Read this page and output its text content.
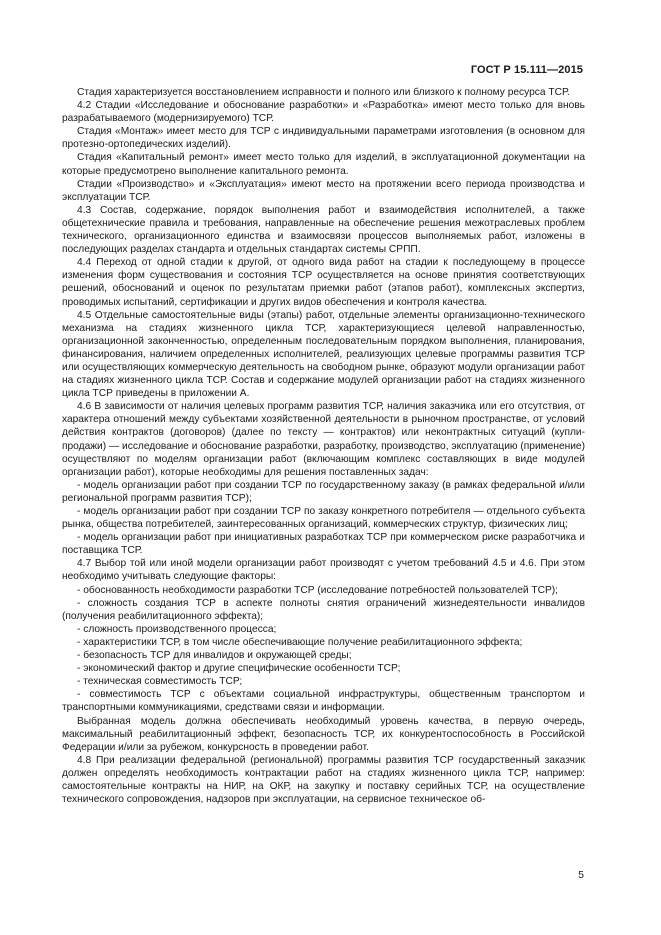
ГОСТ Р 15.111—2015

Стадия характеризуется восстановлением исправности и полного или близкого к полному ресурса ТСР.

4.2 Стадии «Исследование и обоснование разработки» и «Разработка» имеют место только для вновь разрабатываемого (модернизируемого) ТСР.

Стадия «Монтаж» имеет место для ТСР с индивидуальными параметрами изготовления (в основном для протезно-ортопедических изделий).

Стадия «Капитальный ремонт» имеет место только для изделий, в эксплуатационной документации на которые предусмотрено выполнение капитального ремонта.

Стадии «Производство» и «Эксплуатация» имеют место на протяжении всего периода производства и эксплуатации ТСР.

4.3 Состав, содержание, порядок выполнения работ и взаимодействия исполнителей, а также общетехнические правила и требования, направленные на обеспечение решения межотраслевых проблем технического, организационного единства и взаимосвязи процессов выполняемых работ, изложены в последующих разделах стандарта и отдельных стандартах системы СРПП.

4.4 Переход от одной стадии к другой, от одного вида работ на стадии к последующему в процессе изменения форм существования и состояния ТСР осуществляется на основе принятия соответствующих решений, обоснований и оценок по результатам приемки работ (этапов работ), комплексных экспертиз, проводимых испытаний, сертификации и других видов обеспечения и контроля качества.

4.5 Отдельные самостоятельные виды (этапы) работ, отдельные элементы организационно-технического механизма на стадиях жизненного цикла ТСР, характеризующиеся целевой направленностью, организационной законченностью, определенным последовательным порядком выполнения, планирования, финансирования, наличием определенных исполнителей, реализующих целевые программы развития ТСР или осуществляющих коммерческую деятельность на свободном рынке, образуют модули организации работ на стадиях жизненного цикла ТСР. Состав и содержание модулей организации работ на стадиях жизненного цикла ТСР приведены в приложении А.

4.6 В зависимости от наличия целевых программ развития ТСР, наличия заказчика или его отсутствия, от характера отношений между субъектами хозяйственной деятельности в рыночном пространстве, от условий действия контрактов (договоров) (далее по тексту — контрактов) или неконтрактных ситуаций (купли-продажи) — исследование и обоснование разработки, разработку, производство, эксплуатацию (применение) осуществляют по моделям организации работ (включающим комплекс составляющих в виде модулей организации работ), которые необходимы для решения поставленных задач:

- модель организации работ при создании ТСР по государственному заказу (в рамках федеральной и/или региональной программ развития ТСР);

- модель организации работ при создании ТСР по заказу конкретного потребителя — отдельного субъекта рынка, общества потребителей, заинтересованных организаций, коммерческих структур, физических лиц;

- модель организации работ при инициативных разработках ТСР при коммерческом риске разработчика и поставщика ТСР.

4.7 Выбор той или иной модели организации работ производят с учетом требований 4.5 и 4.6. При этом необходимо учитывать следующие факторы:

- обоснованность необходимости разработки ТСР (исследование потребностей пользователей ТСР);

- сложность создания ТСР в аспекте полноты снятия ограничений жизнедеятельности инвалидов (получения реабилитационного эффекта);

- сложность производственного процесса;

- характеристики ТСР, в том числе обеспечивающие получение реабилитационного эффекта;

- безопасность ТСР для инвалидов и окружающей среды;

- экономический фактор и другие специфические особенности ТСР;

- техническая совместимость ТСР;

- совместимость ТСР с объектами социальной инфраструктуры, общественным транспортом и транспортными коммуникациями, средствами связи и информации.

Выбранная модель должна обеспечивать необходимый уровень качества, в первую очередь, максимальный реабилитационный эффект, безопасность ТСР, их конкурентоспособность в Российской Федерации и/или за рубежом, конкурсность в проведении работ.

4.8 При реализации федеральной (региональной) программы развития ТСР государственный заказчик должен определять необходимость контрактации работ на стадиях жизненного цикла ТСР, например: самостоятельные контракты на НИР, на ОКР, на закупку и поставку серийных ТСР, на осуществление технического сопровождения, надзоров при эксплуатации, на сервисное техническое об-

5
